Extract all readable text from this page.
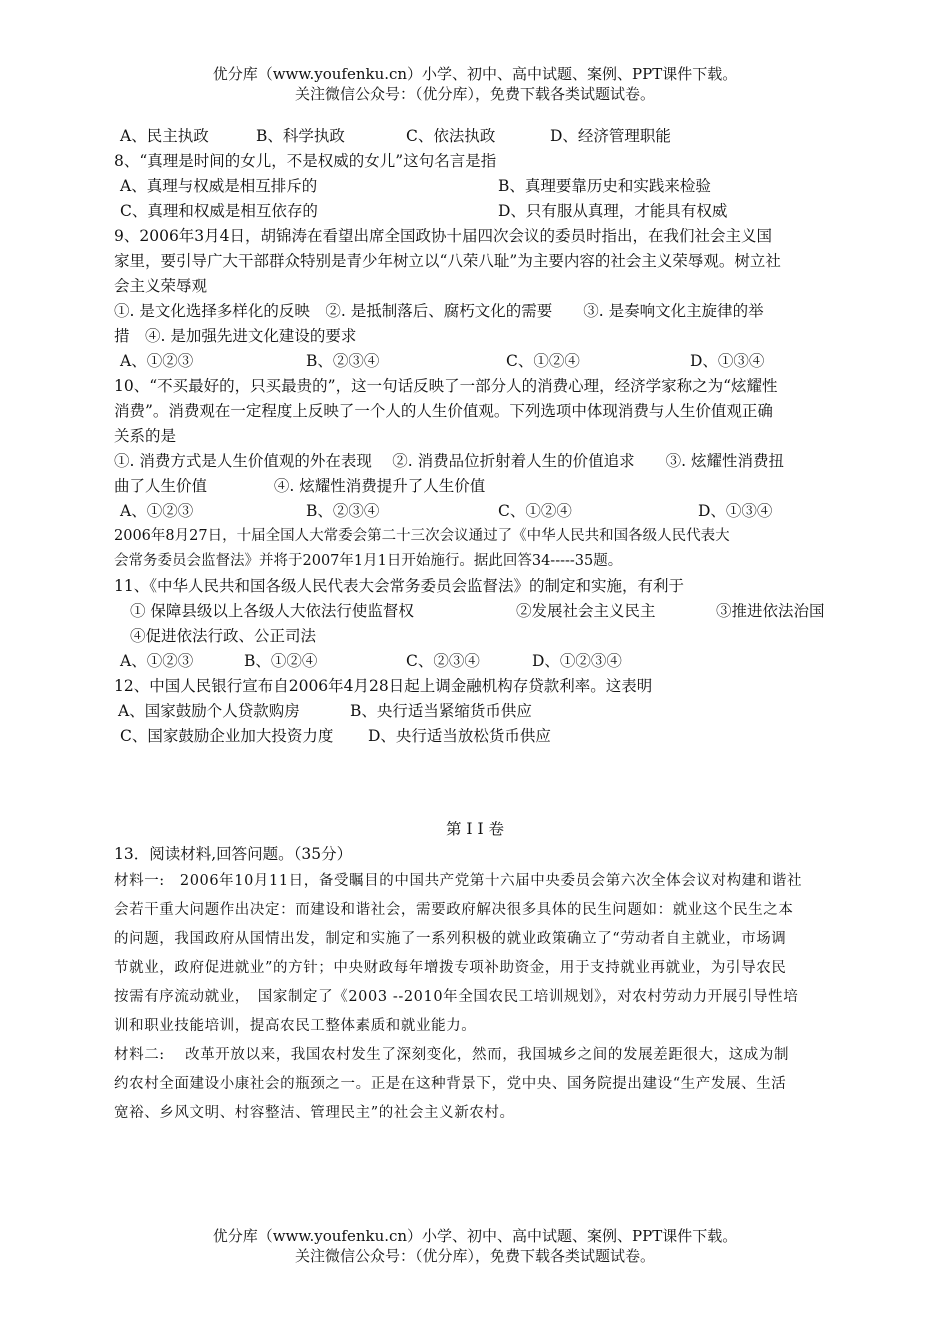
优分库（www.youfenku.cn）小学、初中、高中试题、案例、PPT课件下载。
关注微信公众号：（优分库），免费下载各类试题试卷。
A、民主执政	B、科学执政	C、依法执政	D、经济管理职能
8、“真理是时间的女儿，不是权威的女儿”这句名言是指
A、真理与权威是相互排斥的	B、真理要靠历史和实践来检验
C、真理和权威是相互依存的	D、只有服从真理，才能具有权威
9、2006年3月4日，胡锦涛在看望出席全国政协十届四次会议的委员时指出，在我们社会主义国
家里，要引导广大干部群众特别是青少年树立以“八荣八耻”为主要内容的社会主义荣辱观。树立社
会主义荣辱观
①. 是文化选择多样化的反映　②. 是抵制落后、腐朽文化的需要　　③. 是奏响文化主旋律的举
措　④. 是加强先进文化建设的要求
A、①②③	B、②③④	C、①②④	D、①③④
10、“不买最好的，只买最贵的”，这一句话反映了一部分人的消费心理，经济学家称之为“炫耀性
消费”。消费观在一定程度上反映了一个人的人生价值观。下列选项中体现消费与人生价值观正确
关系的是
①. 消费方式是人生价值观的外在表现　 ②. 消费品位折射着人生的价值追求　　③. 炫耀性消费扭
曲了人生价值　　　　 ④. 炫耀性消费提升了人生价值
A、①②③	B、②③④	C、①②④	D、①③④
2006年8月27日，十届全国人大常委会第二十三次会议通过了《中华人民共和国各级人民代表大
会常务委员会监督法》并将于2007年1月1日开始施行。据此回答34-----35题。
11、《中华人民共和国各级人民代表大会常务委员会监督法》的制定和实施，有利于
① 保障县级以上各级人大依法行使监督权	②发展社会主义民主	③推进依法治国
④促进依法行政、公正司法
A、①②③	B、①②④	C、②③④	D、①②③④
12、中国人民银行宣布自2006年4月28日起上调金融机构存贷款利率。这表明
A、国家鼓励个人贷款购房	B、央行适当紧缩货币供应
C、国家鼓励企业加大投资力度 D、央行适当放松货币供应
第 I I 卷
13．阅读材料,回答问题。（35分）
材料一:　2006年10月11日，备受瞩目的中国共产党第十六届中央委员会第六次全体会议对构建和谐社
会若干重大问题作出决定：而建设和谐社会，需要政府解决很多具体的民生问题如：就业这个民生之本
的问题，我国政府从国情出发，制定和实施了一系列积极的就业政策确立了“劳动者自主就业，市场调
节就业，政府促进就业”的方针；中央财政每年增拨专项补助资金，用于支持就业再就业，为引导农民
按需有序流动就业，　国家制定了《2003 --2010年全国农民工培训规划》，对农村劳动力开展引导性培
训和职业技能培训，提高农民工整体素质和就业能力。
材料二:　 改革开放以来，我国农村发生了深刻变化，然而，我国城乡之间的发展差距很大，这成为制
约农村全面建设小康社会的瓶颈之一。正是在这种背景下，党中央、国务院提出建设“生产发展、生活
宽裕、乡风文明、村容整洁、管理民主”的社会主义新农村。
优分库（www.youfenku.cn）小学、初中、高中试题、案例、PPT课件下载。
关注微信公众号：（优分库），免费下载各类试题试卷。
